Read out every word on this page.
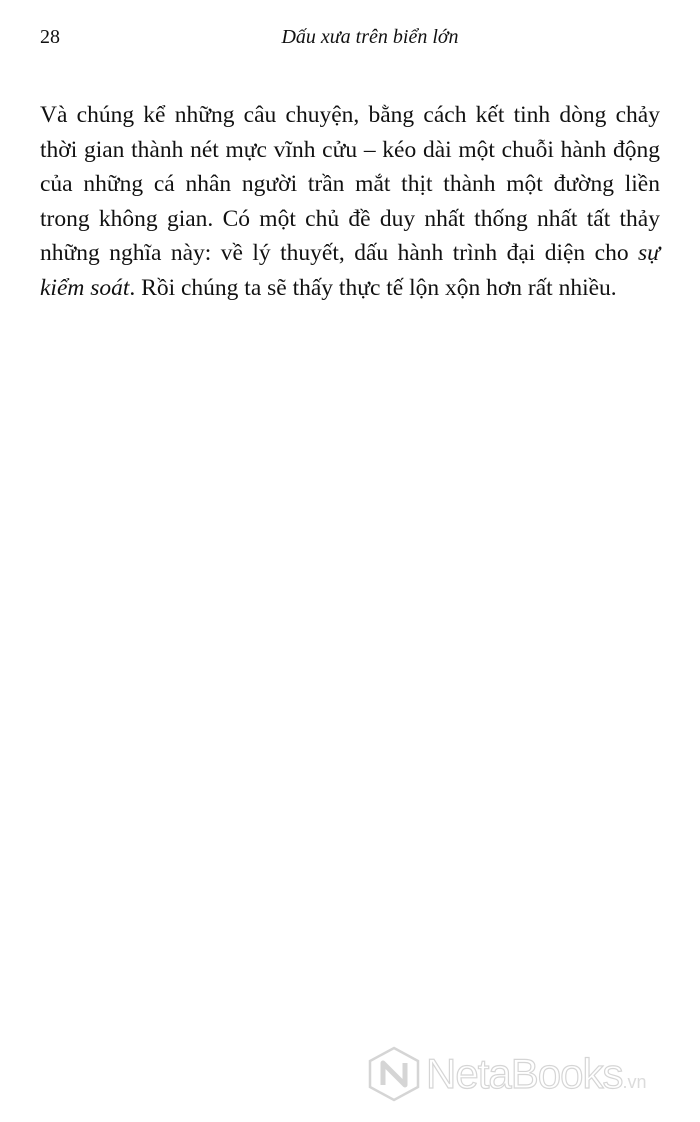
28	Dấu xưa trên biển lớn

Và chúng kể những câu chuyện, bằng cách kết tinh dòng chảy thời gian thành nét mực vĩnh cửu – kéo dài một chuỗi hành động của những cá nhân người trần mắt thịt thành một đường liền trong không gian. Có một chủ đề duy nhất thống nhất tất thảy những nghĩa này: về lý thuyết, dấu hành trình đại diện cho sự kiểm soát. Rồi chúng ta sẽ thấy thực tế lộn xộn hơn rất nhiều.

NetaBooks.vn
